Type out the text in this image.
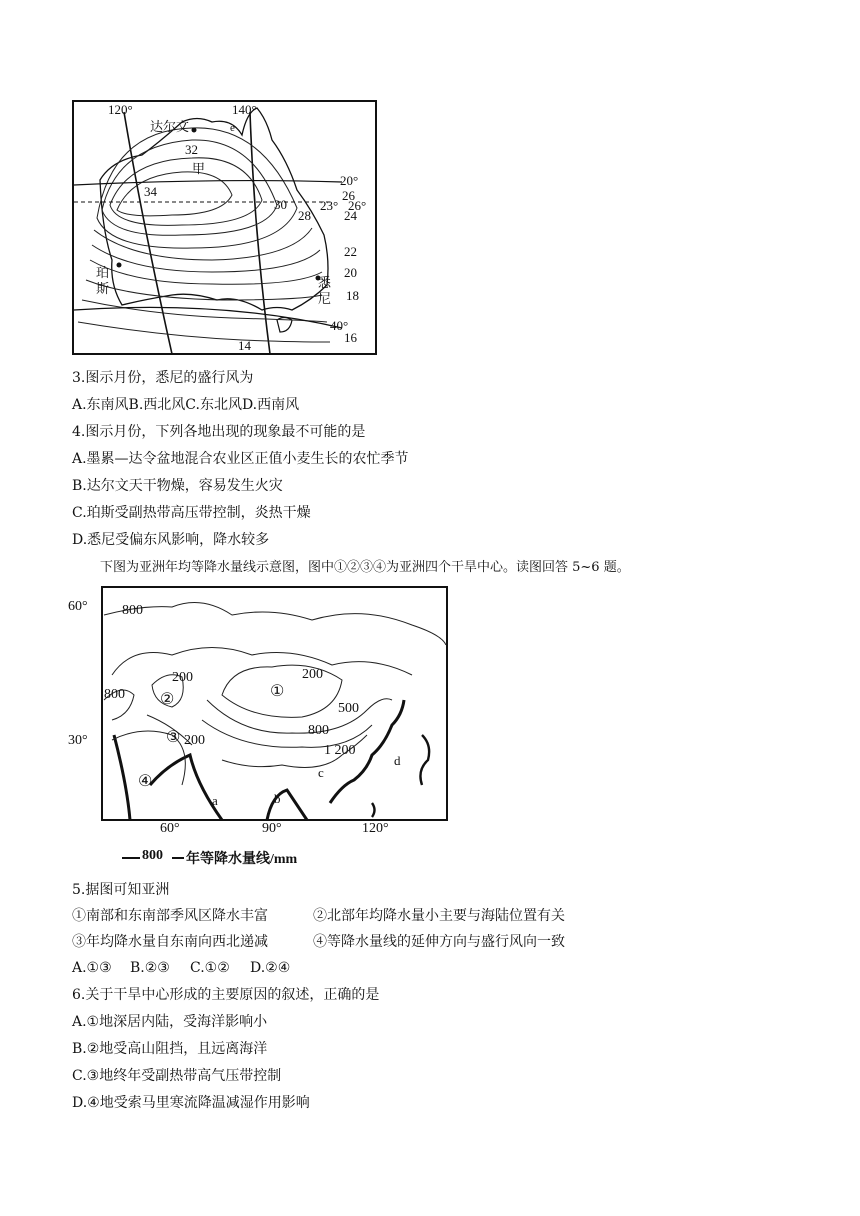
120°	140°
达尔文	e
32
甲
34
20°
26
30	23° 26°
28	24
22
珀
斯	悉
20
尼 18
40°
16
14
3.图示月份，悉尼的盛行风为
A.东南风B.西北风C.东北风D.西南风
4.图示月份，下列各地出现的现象最不可能的是
A.墨累—达令盆地混合农业区正值小麦生长的农忙季节
B.达尔文天干物燥，容易发生火灾
C.珀斯受副热带高压带控制，炎热干燥
D.悉尼受偏东风影响，降水较多
下图为亚洲年均等降水量线示意图，图中①②③④为亚洲四个干旱中心。读图回答 5~6 题。
60° 800
200	200
①
800 ②
500
800
30°	③ 200
1 200
d
④
c
a	b
60°	90°	120°
800 年等降水量线/mm
5.据图可知亚洲
①南部和东南部季风区降水丰富	②北部年均降水量小主要与海陆位置有关
③年均降水量自东南向西北递减	④等降水量线的延伸方向与盛行风向一致
A.①③ B.②③ C.①② D.②④
6.关于干旱中心形成的主要原因的叙述，正确的是
A.①地深居内陆，受海洋影响小
B.②地受高山阻挡，且远离海洋
C.③地终年受副热带高气压带控制
D.④地受索马里寒流降温减湿作用影响
